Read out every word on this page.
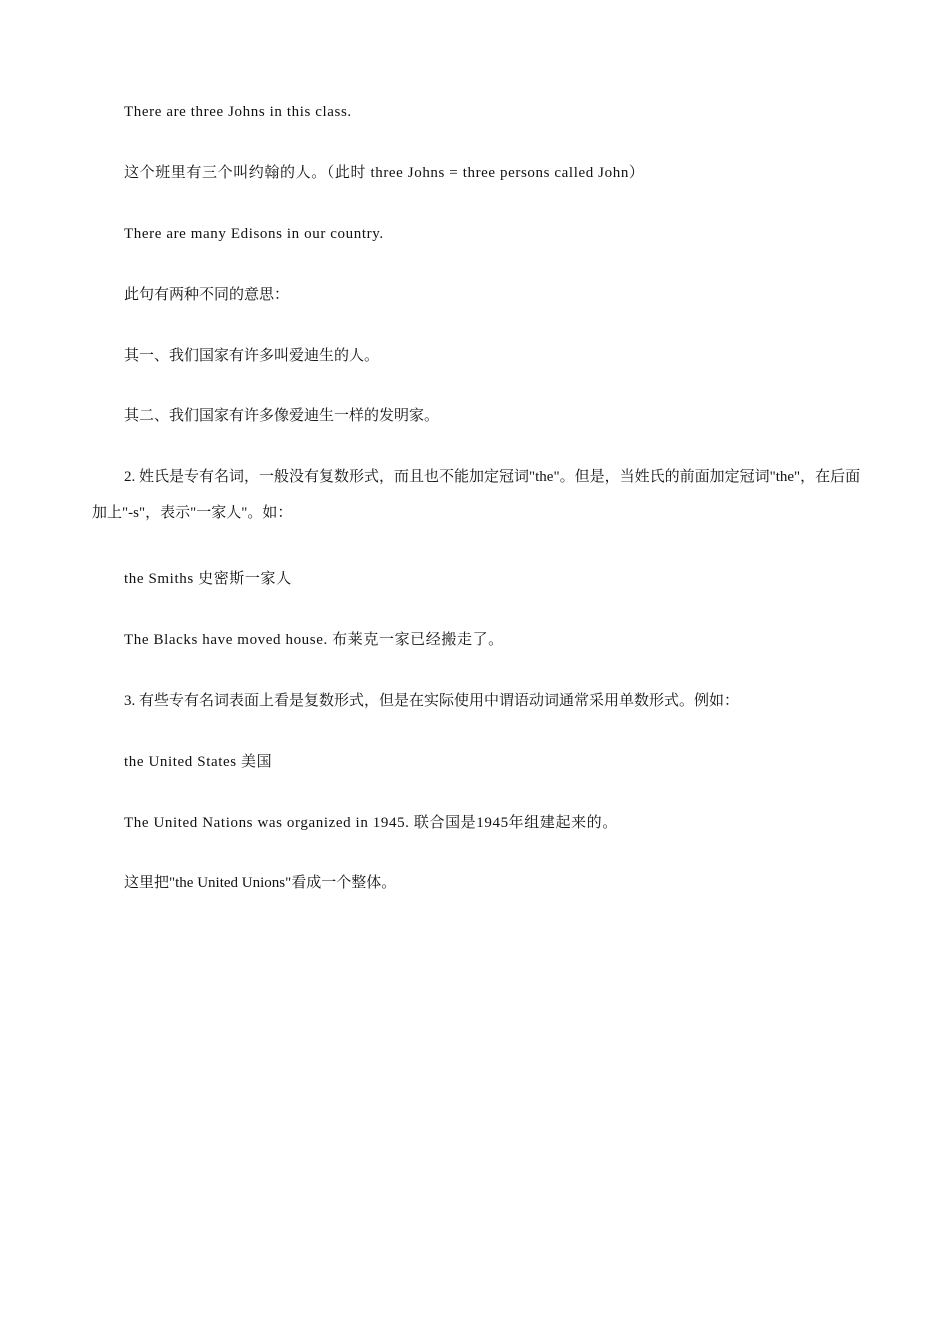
There are three Johns in this class.

这个班里有三个叫约翰的人。（此时 three Johns = three persons called John）

There are many Edisons in our country.

此句有两种不同的意思：

其一、我们国家有许多叫爱迪生的人。

其二、我们国家有许多像爱迪生一样的发明家。

2. 姓氏是专有名词，一般没有复数形式，而且也不能加定冠词"the"。但是，当姓氏的前面加定冠词"the"，在后面加上"-s"，表示"一家人"。如：

the Smiths 史密斯一家人

The Blacks have moved house. 布莱克一家已经搬走了。

3. 有些专有名词表面上看是复数形式，但是在实际使用中谓语动词通常采用单数形式。例如：

the United States 美国

The United Nations was organized in 1945. 联合国是1945年组建起来的。

这里把"the United Unions"看成一个整体。
